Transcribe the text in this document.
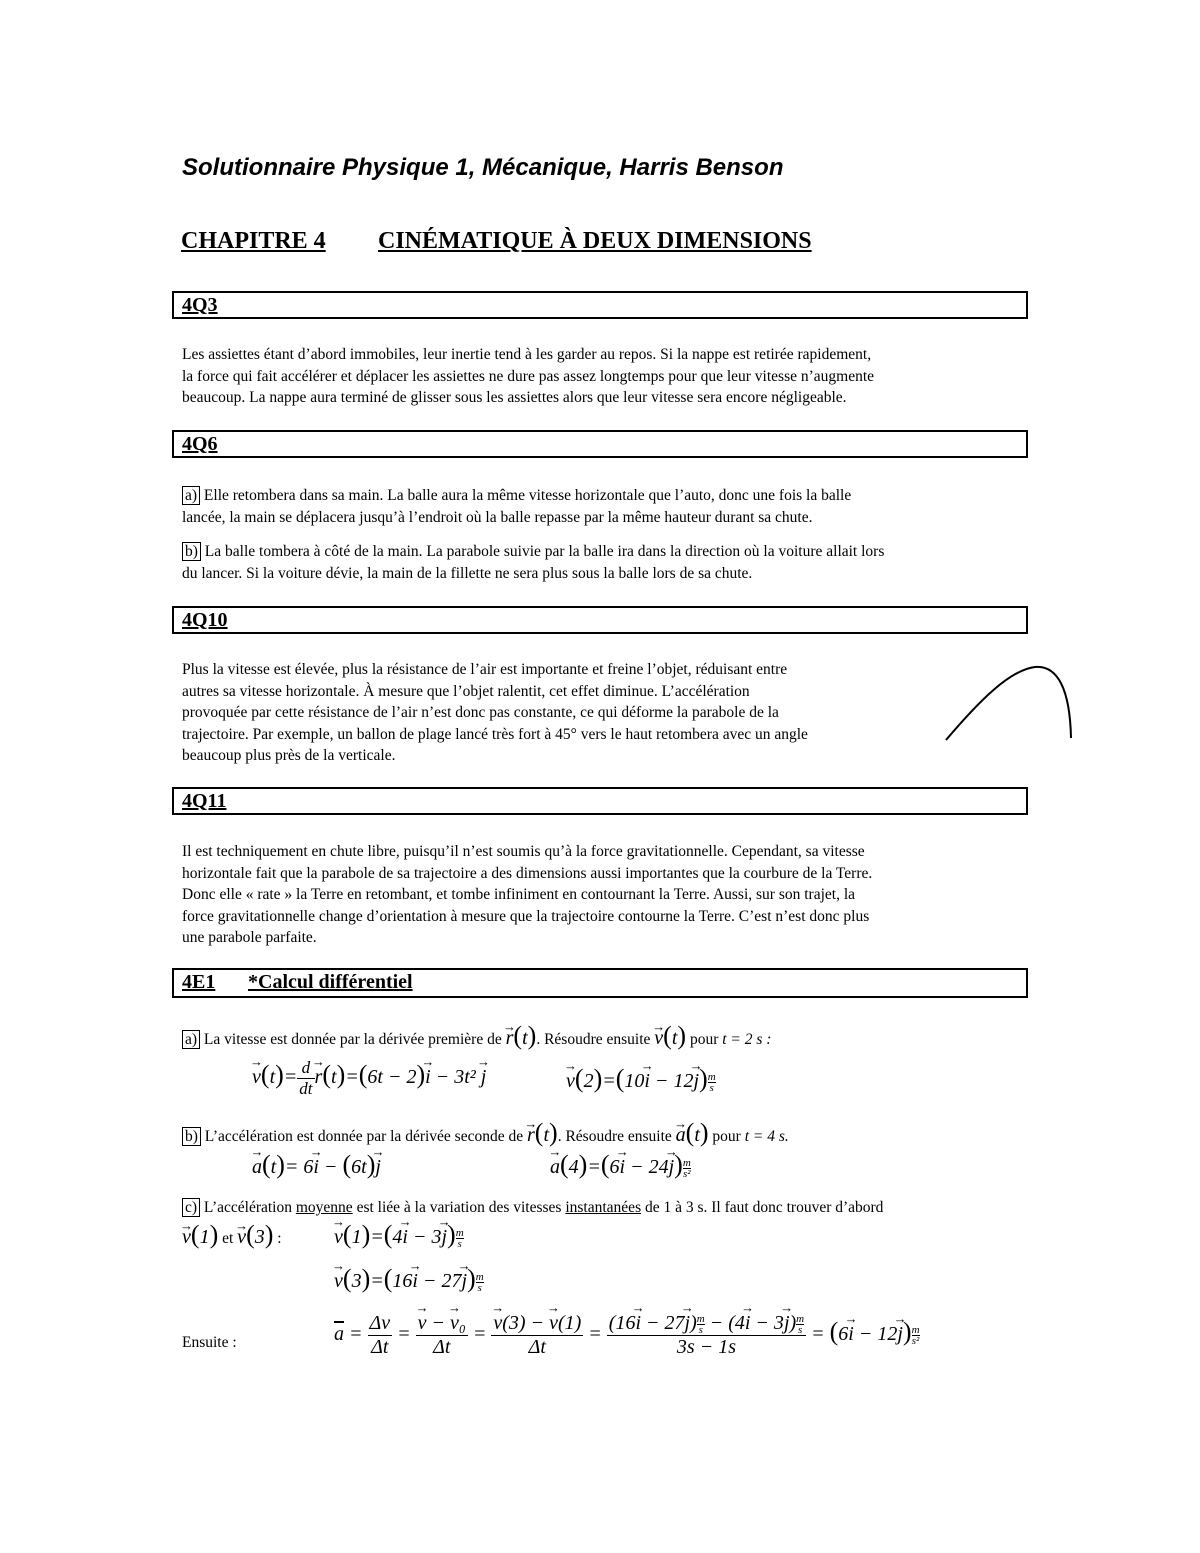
Solutionnaire Physique 1, Mécanique, Harris Benson
CHAPITRE 4 CINÉMATIQUE À DEUX DIMENSIONS
4Q3
Les assiettes étant d’abord immobiles, leur inertie tend à les garder au repos. Si la nappe est retirée rapidement,
la force qui fait accélérer et déplacer les assiettes ne dure pas assez longtemps pour que leur vitesse n’augmente
beaucoup. La nappe aura terminé de glisser sous les assiettes alors que leur vitesse sera encore négligeable.
4Q6
a) Elle retombera dans sa main. La balle aura la même vitesse horizontale que l’auto, donc une fois la balle
lancée, la main se déplacera jusqu’à l’endroit où la balle repasse par la même hauteur durant sa chute.
b) La balle tombera à côté de la main. La parabole suivie par la balle ira dans la direction où la voiture allait lors
du lancer. Si la voiture dévie, la main de la fillette ne sera plus sous la balle lors de sa chute.
4Q10
Plus la vitesse est élevée, plus la résistance de l’air est importante et freine l’objet, réduisant entre
autres sa vitesse horizontale. À mesure que l’objet ralentit, cet effet diminue. L’accélération
provoquée par cette résistance de l’air n’est donc pas constante, ce qui déforme la parabole de la
trajectoire. Par exemple, un ballon de plage lancé très fort à 45° vers le haut retombera avec un angle
beaucoup plus près de la verticale.
4Q11
Il est techniquement en chute libre, puisqu’il n’est soumis qu’à la force gravitationnelle. Cependant, sa vitesse
horizontale fait que la parabole de sa trajectoire a des dimensions aussi importantes que la courbure de la Terre.
Donc elle « rate » la Terre en retombant, et tombe infiniment en contournant la Terre. Aussi, sur son trajet, la
force gravitationnelle change d’orientation à mesure que la trajectoire contourne la Terre. C’est n’est donc plus
une parabole parfaite.
4E1 *Calcul différentiel
a) La vitesse est donnée par la dérivée première de → r(t). Résoudre ensuite → v(t) pour t = 2 s :
→ $v(t)= \frac{d}{dt} \to r(t)=(6t - 2)\to i - 3t^2 \to j$	→ $v(2)=(10\to i - 12\to j) \frac{m}{s}$
b) L’accélération est donnée par la dérivée seconde de → r(t). Résoudre ensuite → a(t) pour t = 4 s.
→ a(t)= 6→ i − (6t)→ j	→ $a(4)=(6\to i - 24\to j) \frac{m}{\text{s²}}$
c) L’accélération moyenne est liée à la variation des vitesses instantanées de 1 à 3 s. Il faut donc trouver d’abord
→ v(1) et → v(3) :	→ $v(1)=(4\to i - 3\to j) \frac{m}{s}$
→ $v(3)=(16\to i - 27\to j) \frac{m}{s}$
Ensuite :	$\overline{a} = \frac{\Delta v}{\Delta t}$ = → $\frac{\text{v − → v₀}}{\Delta t}$ = → $\frac{v(3) - \to v(1)}{\Delta t} = \frac{(16\to i - 27\to j) \frac{m}{s} - (4\to i - 3\to j) \frac{m}{s}}{3s - 1s} = (6\to i - 12\to j) \frac{m}{\text{s²}}$
